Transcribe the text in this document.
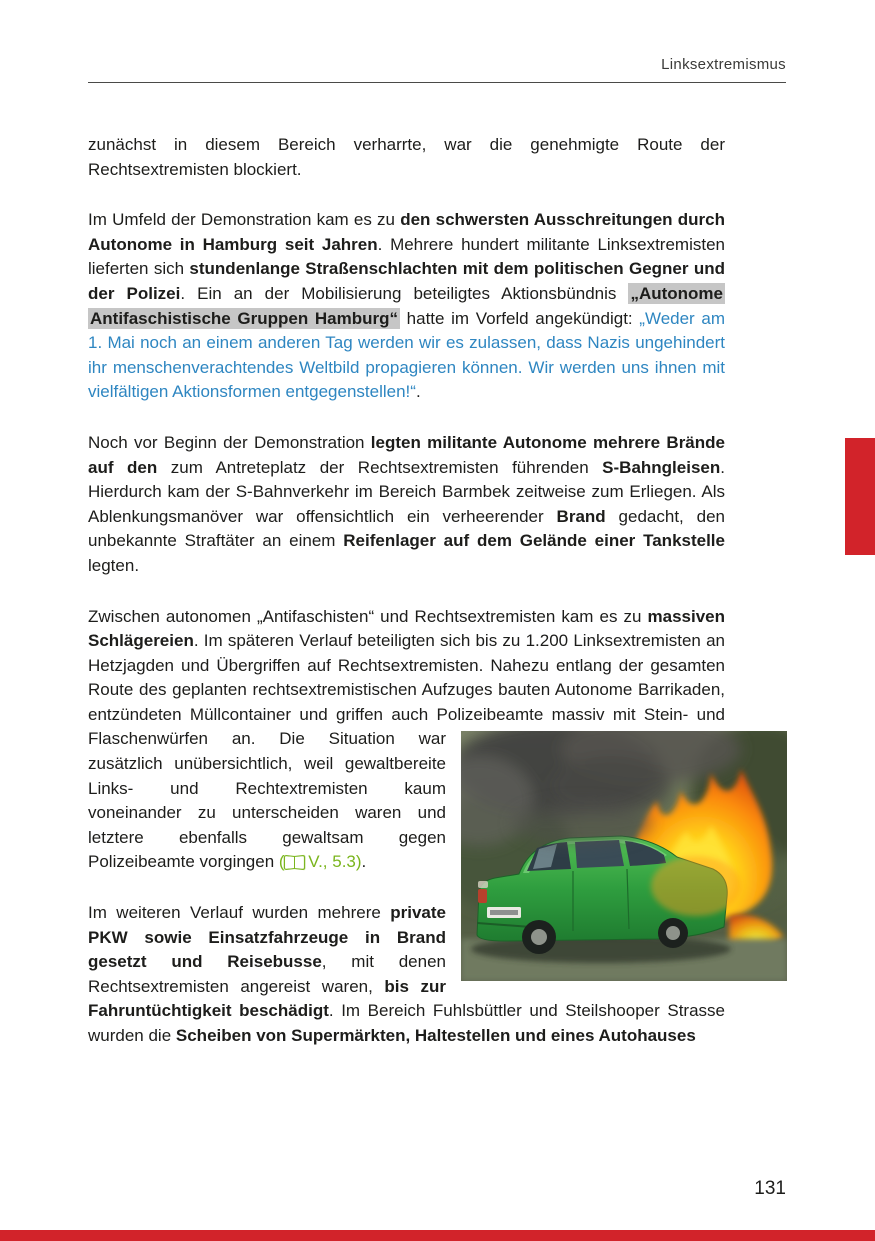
Linksextremismus

zunächst in diesem Bereich verharrte, war die genehmigte Route der Rechtsextremisten blockiert.

Im Umfeld der Demonstration kam es zu den schwersten Ausschreitungen durch Autonome in Hamburg seit Jahren. Mehrere hundert militante Linksextremisten lieferten sich stundenlange Straßenschlachten mit dem politischen Gegner und der Polizei. Ein an der Mobilisierung beteiligtes Aktionsbündnis „Autonome Antifaschistische Gruppen Hamburg“ hatte im Vorfeld angekündigt: „Weder am 1. Mai noch an einem anderen Tag werden wir es zulassen, dass Nazis ungehindert ihr menschenverachtendes Weltbild propagieren können. Wir werden uns ihnen mit vielfältigen Aktionsformen entgegenstellen!“.

Noch vor Beginn der Demonstration legten militante Autonome mehrere Brände auf den zum Antreteplatz der Rechtsextremisten führenden S-Bahngleisen. Hierdurch kam der S-Bahnverkehr im Bereich Barmbek zeitweise zum Erliegen. Als Ablenkungsmanöver war offensichtlich ein verheerender Brand gedacht, den unbekannte Straftäter an einem Reifenlager auf dem Gelände einer Tankstelle legten.

Zwischen autonomen „Antifaschisten“ und Rechtsextremisten kam es zu massiven Schlägereien. Im späteren Verlauf beteiligten sich bis zu 1.200 Linksextremisten an Hetzjagden und Übergriffen auf Rechtsextremisten. Nahezu entlang der gesamten Route des geplanten rechtsextremistischen Aufzuges bauten Autonome Barrikaden, entzündeten Müllcontainer und griffen auch Polizeibeamte massiv mit Stein- und Flaschenwürfen an.
Die Situation war zusätzlich unübersichtlich, weil gewaltbereite Links- und Rechtextremisten kaum voneinander zu unterscheiden waren und letztere ebenfalls gewaltsam gegen Polizeibeamte vorgingen ( V., 5.3).

Im weiteren Verlauf wurden mehrere private PKW sowie Einsatzfahrzeuge in Brand gesetzt und Reisebusse, mit denen Rechtsextremisten angereist waren, bis zur Fahruntüchtigkeit beschädigt. Im Bereich Fuhlsbüttler und Steilshooper Strasse wurden die Scheiben von Supermärkten, Haltestellen und eines Autohauses

131
